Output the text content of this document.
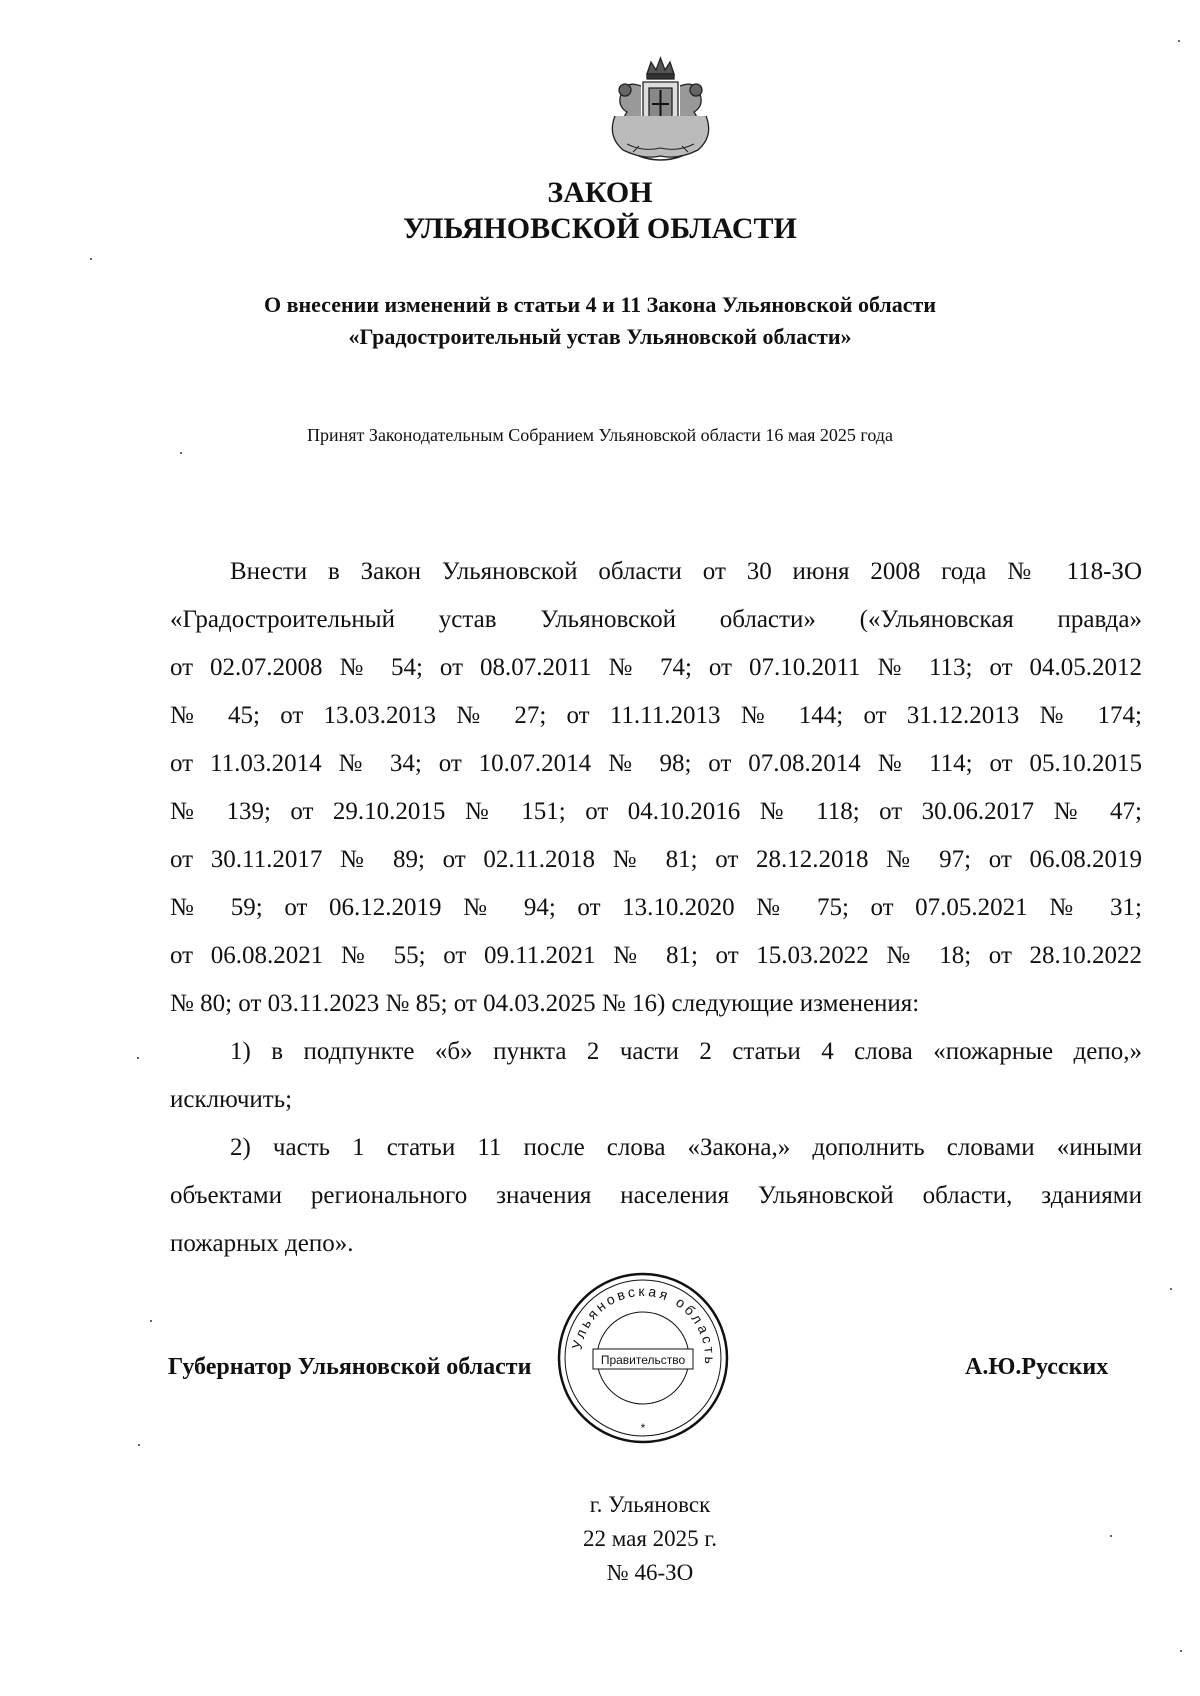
ЗАКОН
УЛЬЯНОВСКОЙ ОБЛАСТИ
О внесении изменений в статьи 4 и 11 Закона Ульяновской области
«Градостроительный устав Ульяновской области»
Принят Законодательным Собранием Ульяновской области 16 мая 2025 года
Внести в Закон Ульяновской области от 30 июня 2008 года № 118-ЗО
«Градостроительный устав Ульяновской области» («Ульяновская правда»
от 02.07.2008 № 54; от 08.07.2011 № 74; от 07.10.2011 № 113; от 04.05.2012
№ 45; от 13.03.2013 № 27; от 11.11.2013 № 144; от 31.12.2013 № 174;
от 11.03.2014 № 34; от 10.07.2014 № 98; от 07.08.2014 № 114; от 05.10.2015
№ 139; от 29.10.2015 № 151; от 04.10.2016 № 118; от 30.06.2017 № 47;
от 30.11.2017 № 89; от 02.11.2018 № 81; от 28.12.2018 № 97; от 06.08.2019
№ 59; от 06.12.2019 № 94; от 13.10.2020 № 75; от 07.05.2021 № 31;
от 06.08.2021 № 55; от 09.11.2021 № 81; от 15.03.2022 № 18; от 28.10.2022
№ 80; от 03.11.2023 № 85; от 04.03.2025 № 16) следующие изменения:
1) в подпункте «б» пункта 2 части 2 статьи 4 слова «пожарные депо,»
исключить;
2) часть 1 статьи 11 после слова «Закона,» дополнить словами «иными
объектами регионального значения населения Ульяновской области, зданиями
пожарных депо».
Губернатор Ульяновской области	А.Ю.Русских
Ульяновская область
Правительство
*
г. Ульяновск
22 мая 2025 г.
№ 46-ЗО
